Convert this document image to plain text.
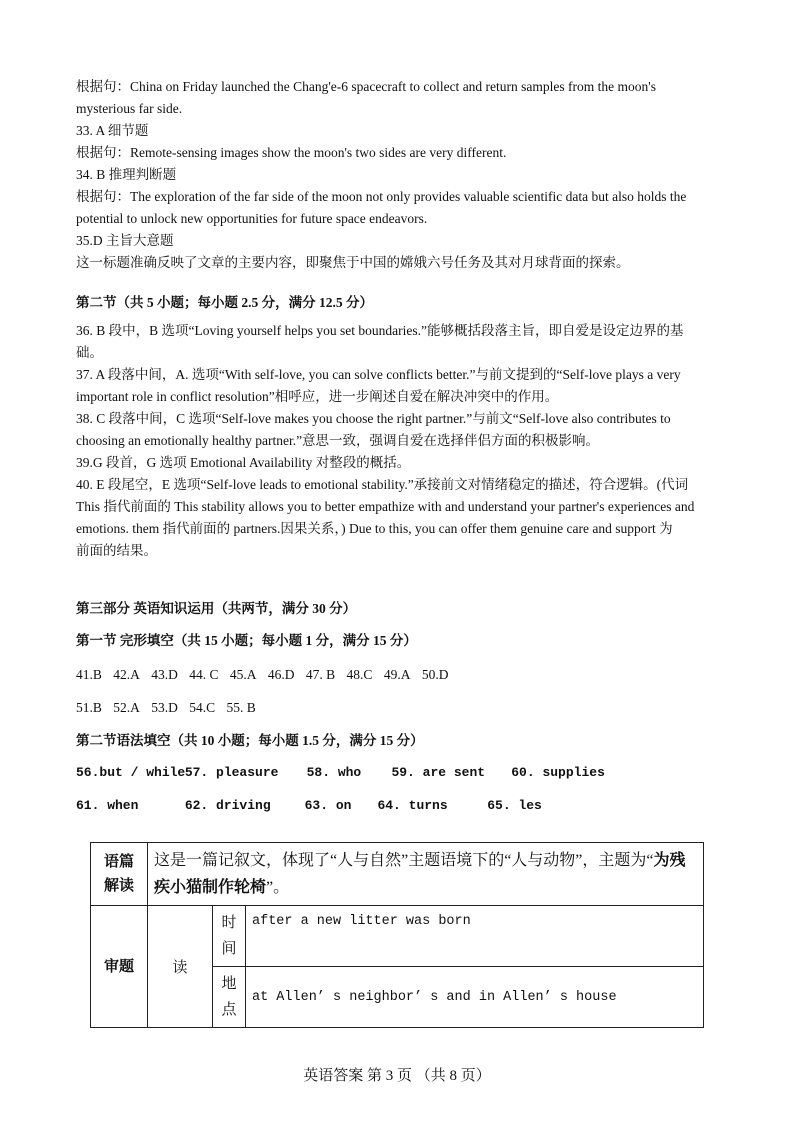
根据句：China on Friday launched the Chang'e-6 spacecraft to collect and return samples from the moon's
mysterious far side.
33. A 细节题
根据句：Remote-sensing images show the moon's two sides are very different.
34. B 推理判断题
根据句：The exploration of the far side of the moon not only provides valuable scientific data but also holds the
potential to unlock new opportunities for future space endeavors.
35.D 主旨大意题
这一标题准确反映了文章的主要内容，即聚焦于中国的嫦娥六号任务及其对月球背面的探索。
第二节（共 5 小题；每小题 2.5 分，满分 12.5 分）
36. B 段中，B 选项“Loving yourself helps you set boundaries.”能够概括段落主旨，即自爱是设定边界的基
础。
37. A 段落中间，A. 选项“With self-love, you can solve conflicts better.”与前文提到的“Self-love plays a very
important role in conflict resolution”相呼应，进一步阐述自爱在解决冲突中的作用。
38. C 段落中间，C 选项“Self-love makes you choose the right partner.”与前文“Self-love also contributes to
choosing an emotionally healthy partner.”意思一致，强调自爱在选择伴侣方面的积极影响。
39.G 段首，G 选项 Emotional Availability 对整段的概括。
40. E 段尾空，E 选项“Self-love leads to emotional stability.”承接前文对情绪稳定的描述，符合逻辑。(代词
This 指代前面的 This stability allows you to better empathize with and understand your partner's experiences and
emotions. them 指代前面的 partners.因果关系，) Due to this, you can offer them genuine care and support 为
前面的结果。
第三部分 英语知识运用（共两节，满分 30 分）
第一节 完形填空（共 15 小题；每小题 1 分，满分 15 分）
41.B 42.A 43.D 44. C 45.A 46.D 47. B 48.C 49.A 50.D
51.B 52.A 53.D 54.C 55. B
第二节语法填空（共 10 小题；每小题 1.5 分，满分 15 分）
56.but / while 57. pleasure 58. who 59. are sent 60. supplies
61. when	62. driving	63. on 64. turns	65. les
语篇解读	这是一篇记叙文，体现了“人与自然”主题语境下的“人与动物”，主题为“为残疾小猫制作轮椅”。		
审题	读	时间	after a new litter was born
		地点	at Allen’ s neighbor’ s and in Allen’ s house
英语答案 第 3 页 （共 8 页）
